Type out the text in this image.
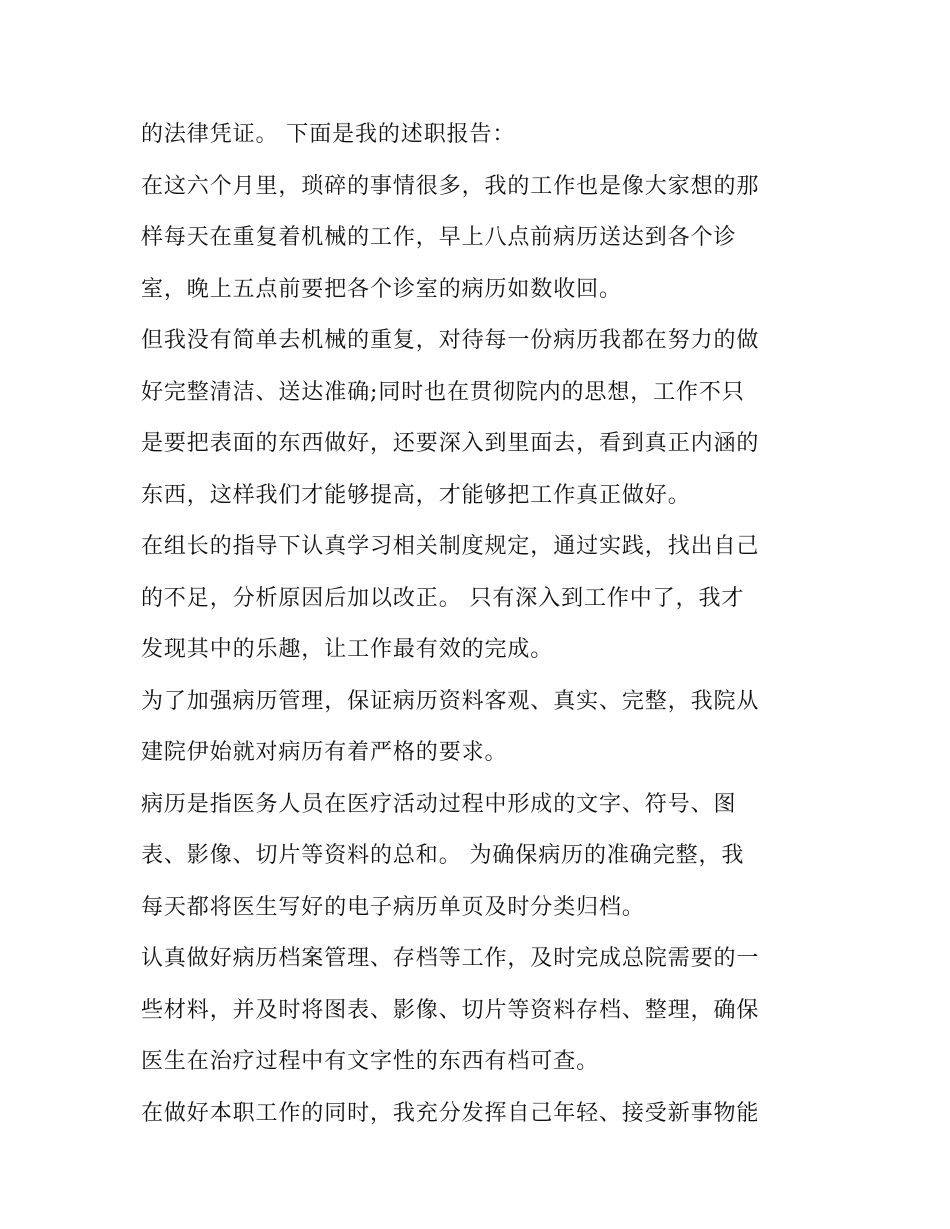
的法律凭证。 下面是我的述职报告：
在这六个月里，琐碎的事情很多，我的工作也是像大家想的那
样每天在重复着机械的工作，早上八点前病历送达到各个诊
室，晚上五点前要把各个诊室的病历如数收回。
但我没有简单去机械的重复，对待每一份病历我都在努力的做
好完整清洁、送达准确;同时也在贯彻院内的思想，工作不只
是要把表面的东西做好，还要深入到里面去，看到真正内涵的
东西，这样我们才能够提高，才能够把工作真正做好。
在组长的指导下认真学习相关制度规定，通过实践，找出自己
的不足，分析原因后加以改正。 只有深入到工作中了，我才
发现其中的乐趣，让工作最有效的完成。
为了加强病历管理，保证病历资料客观、真实、完整，我院从
建院伊始就对病历有着严格的要求。
病历是指医务人员在医疗活动过程中形成的文字、符号、图
表、影像、切片等资料的总和。 为确保病历的准确完整，我
每天都将医生写好的电子病历单页及时分类归档。
认真做好病历档案管理、存档等工作，及时完成总院需要的一
些材料，并及时将图表、影像、切片等资料存档、整理，确保
医生在治疗过程中有文字性的东西有档可查。
在做好本职工作的同时，我充分发挥自己年轻、接受新事物能
